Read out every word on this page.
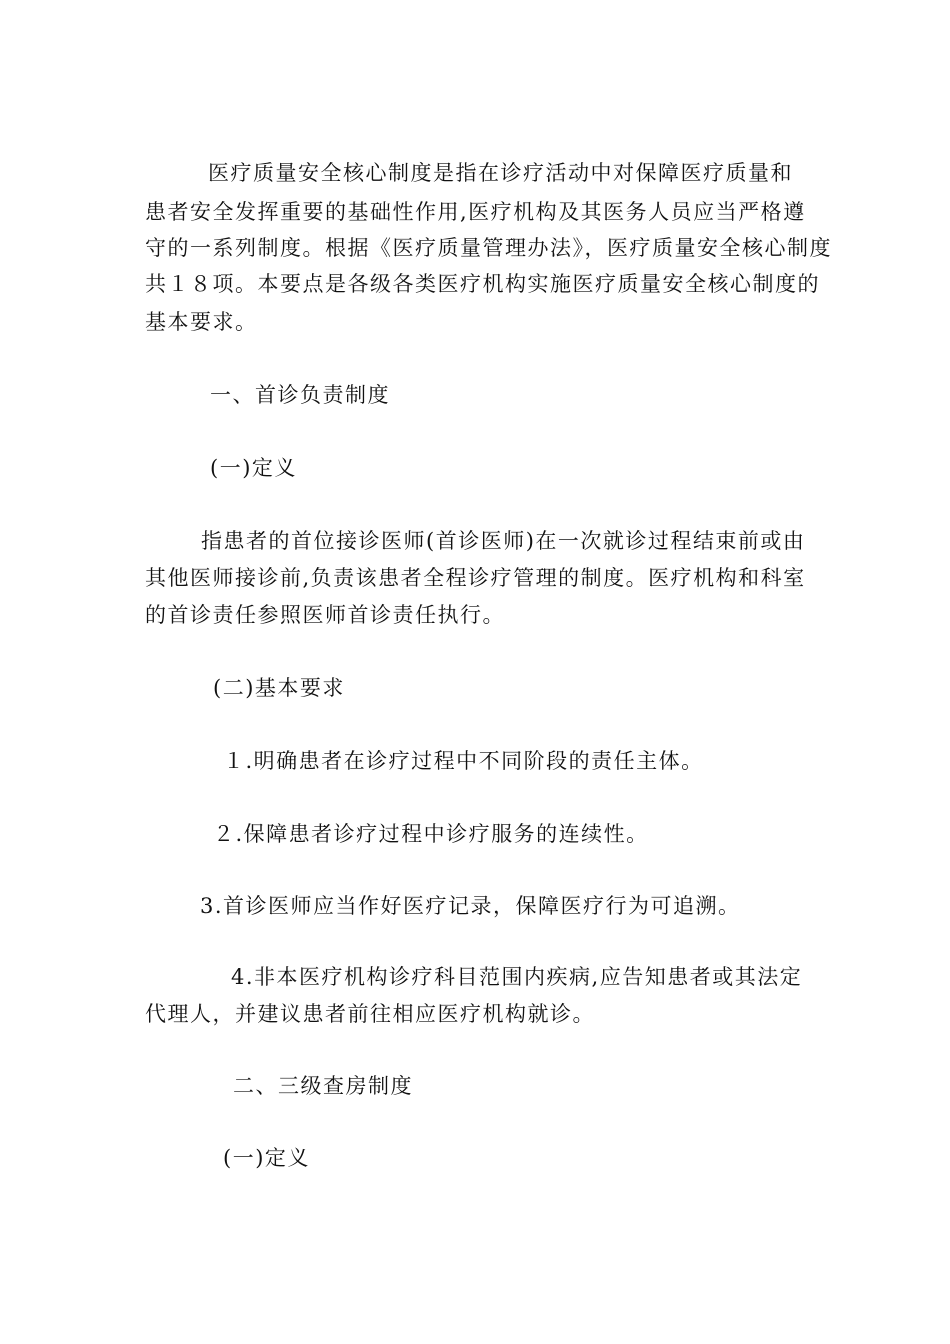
医疗质量安全核心制度是指在诊疗活动中对保障医疗质量和
患者安全发挥重要的基础性作用,医疗机构及其医务人员应当严格遵
守的一系列制度。根据《医疗质量管理办法》，医疗质量安全核心制度
共１８项。本要点是各级各类医疗机构实施医疗质量安全核心制度的
基本要求。
一、首诊负责制度
(一)定义
指患者的首位接诊医师(首诊医师)在一次就诊过程结束前或由
其他医师接诊前,负责该患者全程诊疗管理的制度。医疗机构和科室
的首诊责任参照医师首诊责任执行。
(二)基本要求
１.明确患者在诊疗过程中不同阶段的责任主体。
２.保障患者诊疗过程中诊疗服务的连续性。
3.首诊医师应当作好医疗记录，保障医疗行为可追溯。
4.非本医疗机构诊疗科目范围内疾病,应告知患者或其法定
代理人，并建议患者前往相应医疗机构就诊。
二、三级查房制度
(一)定义
